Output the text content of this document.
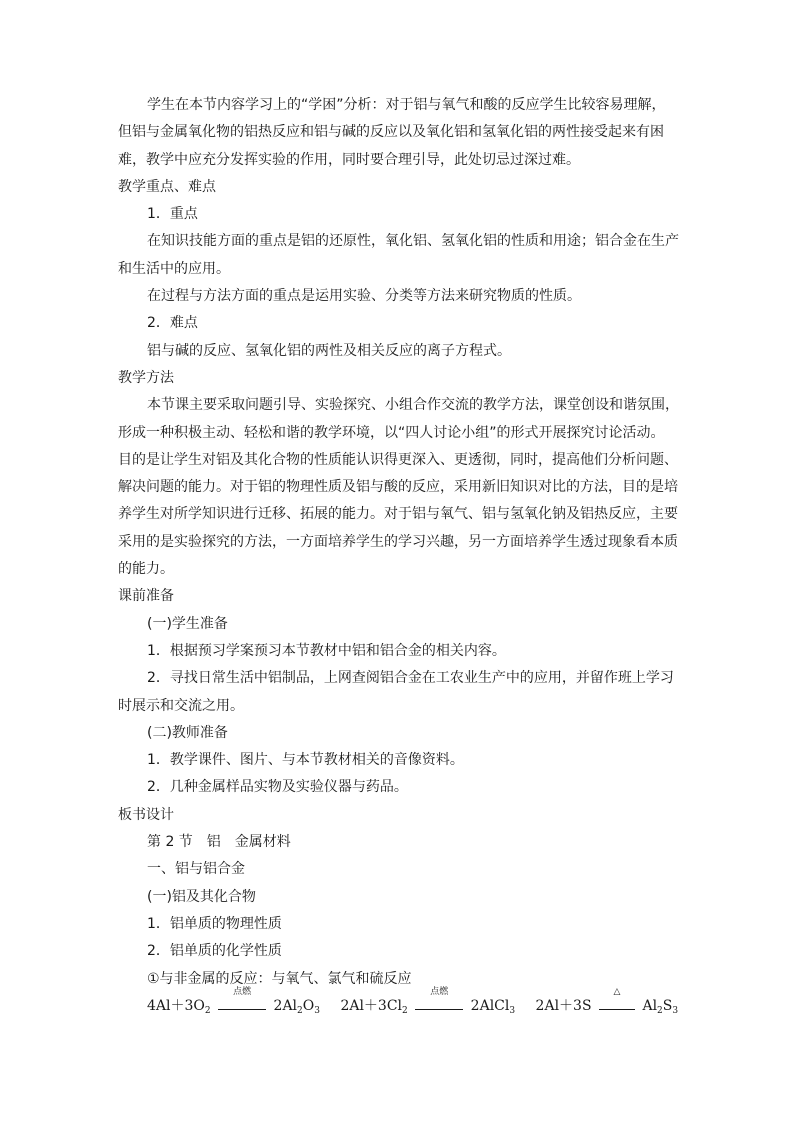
学生在本节内容学习上的“学困”分析：对于铝与氧气和酸的反应学生比较容易理解，
但铝与金属氧化物的铝热反应和铝与碱的反应以及氧化铝和氢氧化铝的两性接受起来有困
难，教学中应充分发挥实验的作用，同时要合理引导，此处切忌过深过难。
教学重点、难点
1．重点
在知识技能方面的重点是铝的还原性，氧化铝、氢氧化铝的性质和用途；铝合金在生产
和生活中的应用。
在过程与方法方面的重点是运用实验、分类等方法来研究物质的性质。
2．难点
铝与碱的反应、氢氧化铝的两性及相关反应的离子方程式。
教学方法
本节课主要采取问题引导、实验探究、小组合作交流的教学方法，课堂创设和谐氛围，
形成一种积极主动、轻松和谐的教学环境，以“四人讨论小组”的形式开展探究讨论活动。
目的是让学生对铝及其化合物的性质能认识得更深入、更透彻，同时，提高他们分析问题、
解决问题的能力。对于铝的物理性质及铝与酸的反应，采用新旧知识对比的方法，目的是培
养学生对所学知识进行迁移、拓展的能力。对于铝与氧气、铝与氢氧化钠及铝热反应，主要
采用的是实验探究的方法，一方面培养学生的学习兴趣，另一方面培养学生透过现象看本质
的能力。
课前准备
(一)学生准备
1．根据预习学案预习本节教材中铝和铝合金的相关内容。
2．寻找日常生活中铝制品，上网查阅铝合金在工农业生产中的应用，并留作班上学习
时展示和交流之用。
(二)教师准备
1．教学课件、图片、与本节教材相关的音像资料。
2．几种金属样品实物及实验仪器与药品。
板书设计
第 2 节　铝　金属材料
一、铝与铝合金
(一)铝及其化合物
1．铝单质的物理性质
2．铝单质的化学性质
①与非金属的反应：与氧气、氯气和硫反应
$4Al+3O_2$
点燃
$2Al_2O_3$ $2Al+3Cl_2$
点燃
2AlCl$_3$ 2Al＋3S
△
$Al_2S_3$
